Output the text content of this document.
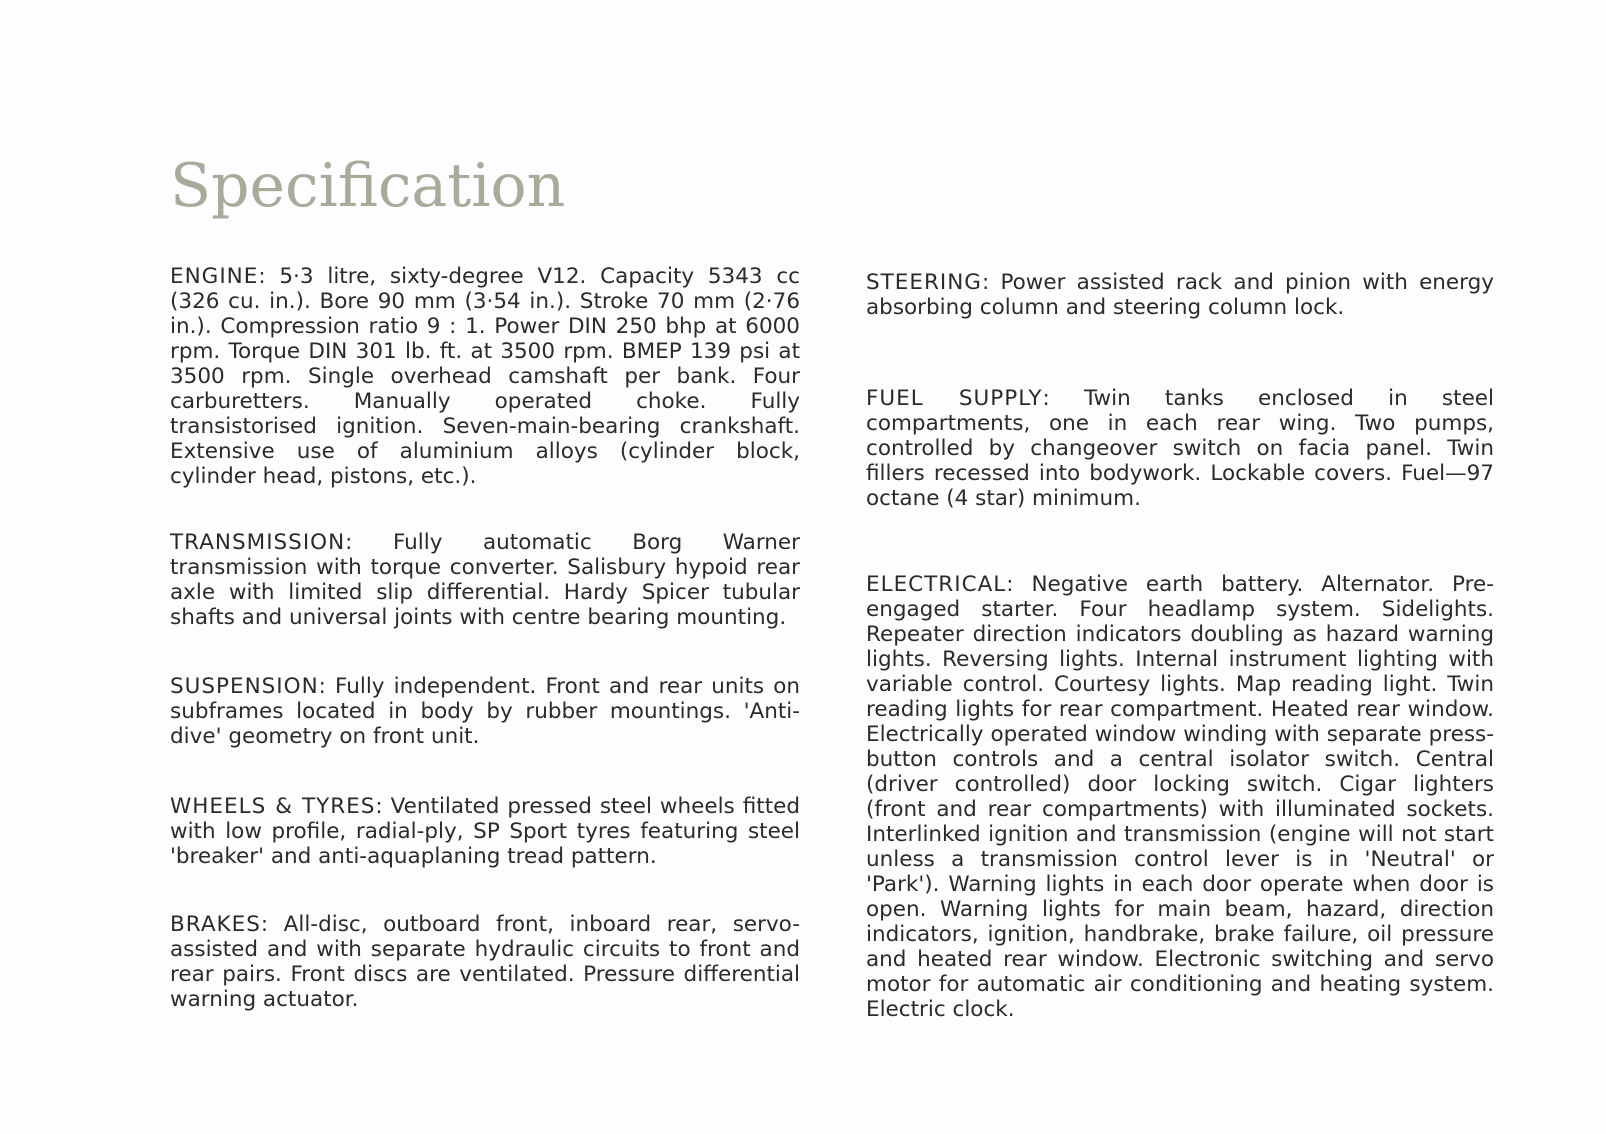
Specification

ENGINE: 5·3 litre, sixty-degree V12. Capacity 5343 cc (326 cu. in.). Bore 90 mm (3·54 in.). Stroke 70 mm (2·76 in.). Compression ratio 9 : 1. Power DIN 250 bhp at 6000 rpm. Torque DIN 301 lb. ft. at 3500 rpm. BMEP 139 psi at 3500 rpm. Single overhead camshaft per bank. Four carburetters. Manually operated choke. Fully transistorised ignition. Seven-main-bearing crankshaft. Extensive use of aluminium alloys (cylinder block, cylinder head, pistons, etc.).

TRANSMISSION: Fully automatic Borg Warner transmission with torque converter. Salisbury hypoid rear axle with limited slip differential. Hardy Spicer tubular shafts and universal joints with centre bearing mounting.

SUSPENSION: Fully independent. Front and rear units on subframes located in body by rubber mountings. 'Anti-dive' geometry on front unit.

WHEELS & TYRES: Ventilated pressed steel wheels fitted with low profile, radial-ply, SP Sport tyres featuring steel 'breaker' and anti-aquaplaning tread pattern.

BRAKES: All-disc, outboard front, inboard rear, servo-assisted and with separate hydraulic circuits to front and rear pairs. Front discs are ventilated. Pressure differential warning actuator.

STEERING: Power assisted rack and pinion with energy absorbing column and steering column lock.

FUEL SUPPLY: Twin tanks enclosed in steel compartments, one in each rear wing. Two pumps, controlled by changeover switch on facia panel. Twin fillers recessed into bodywork. Lockable covers. Fuel—97 octane (4 star) minimum.

ELECTRICAL: Negative earth battery. Alternator. Pre-engaged starter. Four headlamp system. Sidelights. Repeater direction indicators doubling as hazard warning lights. Reversing lights. Internal instrument lighting with variable control. Courtesy lights. Map reading light. Twin reading lights for rear compartment. Heated rear window. Electrically operated window winding with separate press-button controls and a central isolator switch. Central (driver controlled) door locking switch. Cigar lighters (front and rear compartments) with illuminated sockets. Interlinked ignition and transmission (engine will not start unless a transmission control lever is in 'Neutral' or 'Park'). Warning lights in each door operate when door is open. Warning lights for main beam, hazard, direction indicators, ignition, handbrake, brake failure, oil pressure and heated rear window. Electronic switching and servo motor for automatic air conditioning and heating system. Electric clock.
